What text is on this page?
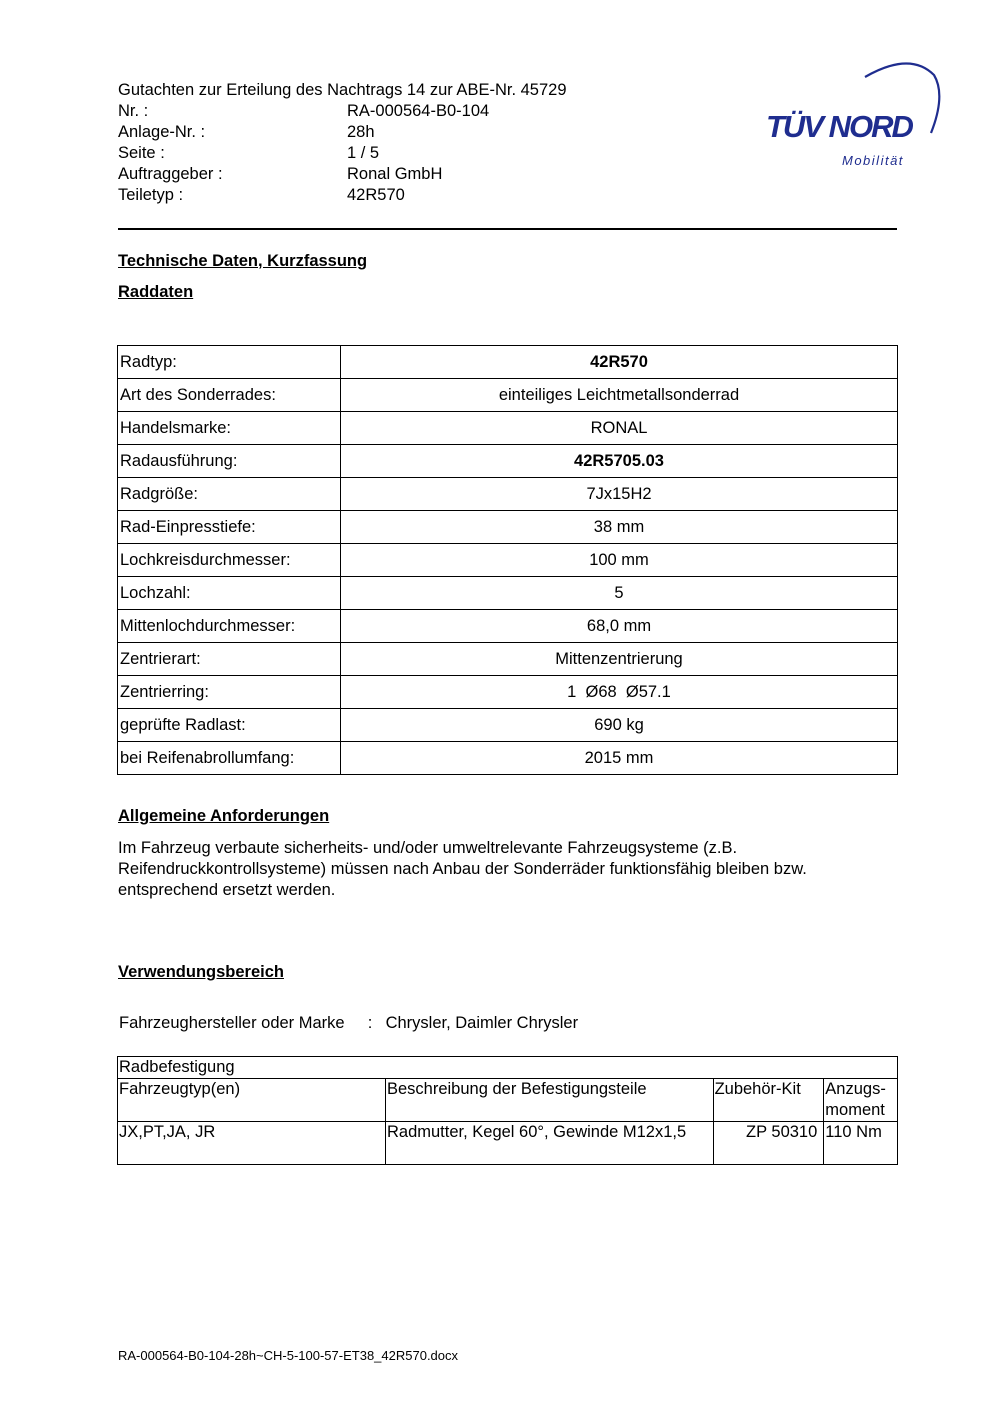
Gutachten zur Erteilung des Nachtrags 14 zur ABE-Nr. 45729
Nr. :	RA-000564-B0-104
Anlage-Nr. :	28h
Seite :	1 / 5
Auftraggeber :	Ronal GmbH
Teiletyp :	42R570
TÜV NORD
Mobilität
Technische Daten, Kurzfassung
Raddaten
Radtyp:	42R570
Art des Sonderrades:	einteiliges Leichtmetallsonderrad
Handelsmarke:	RONAL
Radausführung:	42R5705.03
Radgröße:	7Jx15H2
Rad-Einpresstiefe:	38 mm
Lochkreisdurchmesser:	100 mm
Lochzahl:	5
Mittenlochdurchmesser:	68,0 mm
Zentrierart:	Mittenzentrierung
Zentrierring:	1  Ø68  Ø57.1
geprüfte Radlast:	690 kg
bei Reifenabrollumfang:	2015 mm
Allgemeine Anforderungen
Im Fahrzeug verbaute sicherheits- und/oder umweltrelevante Fahrzeugsysteme (z.B. Reifendruckkontrollsysteme) müssen nach Anbau der Sonderräder funktionsfähig bleiben bzw. entsprechend ersetzt werden.
Verwendungsbereich
Fahrzeughersteller oder Marke : Chrysler, Daimler Chrysler
Radbefestigung			
Fahrzeugtyp(en)	Beschreibung der Befestigungsteile	Zubehör-Kit	Anzugs-moment
JX,PT,JA, JR	Radmutter, Kegel 60°, Gewinde M12x1,5	ZP 50310	110 Nm
RA-000564-B0-104-28h~CH-5-100-57-ET38_42R570.docx
